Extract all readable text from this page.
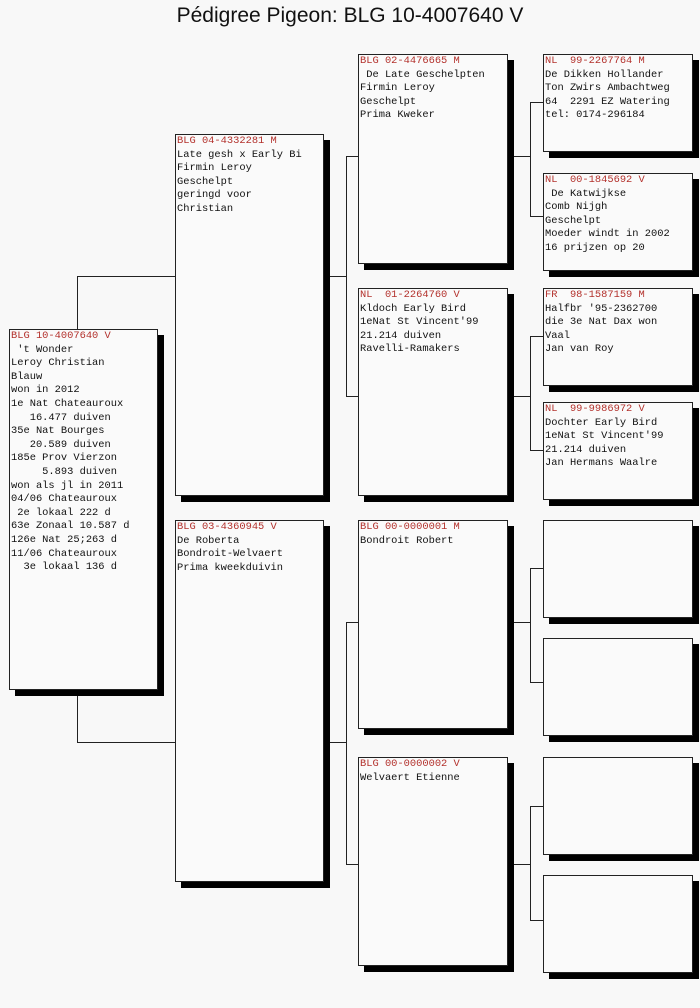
Pédigree Pigeon: BLG 10-4007640 V
BLG 10-4007640 V
't Wonder
Leroy Christian
Blauw
won in 2012
1e Nat Chateauroux
16.477 duiven
35e Nat Bourges
20.589 duiven
185e Prov Vierzon
5.893 duiven
won als jl in 2011
04/06 Chateauroux
2e lokaal 222 d
63e Zonaal 10.587 d
126e Nat 25;263 d
11/06 Chateauroux
3e lokaal 136 d
BLG 04-4332281 M
Late gesh x Early Bi
Firmin Leroy
Geschelpt
geringd voor
Christian
BLG 03-4360945 V
De Roberta
Bondroit-Welvaert
Prima kweekduivin
BLG 02-4476665 M
De Late Geschelpten
Firmin Leroy
Geschelpt
Prima Kweker
NL  01-2264760 V
Kldoch Early Bird
1eNat St Vincent'99
21.214 duiven
Ravelli-Ramakers
BLG 00-0000001 M
Bondroit Robert
BLG 00-0000002 V
Welvaert Etienne
NL  99-2267764 M
De Dikken Hollander
Ton Zwirs Ambachtweg
64  2291 EZ Watering
tel: 0174-296184
NL  00-1845692 V
De Katwijkse
Comb Nijgh
Geschelpt
Moeder windt in 2002
16 prijzen op 20
FR  98-1587159 M
Halfbr '95-2362700
die 3e Nat Dax won
Vaal
Jan van Roy
NL  99-9986972 V
Dochter Early Bird
1eNat St Vincent'99
21.214 duiven
Jan Hermans Waalre
